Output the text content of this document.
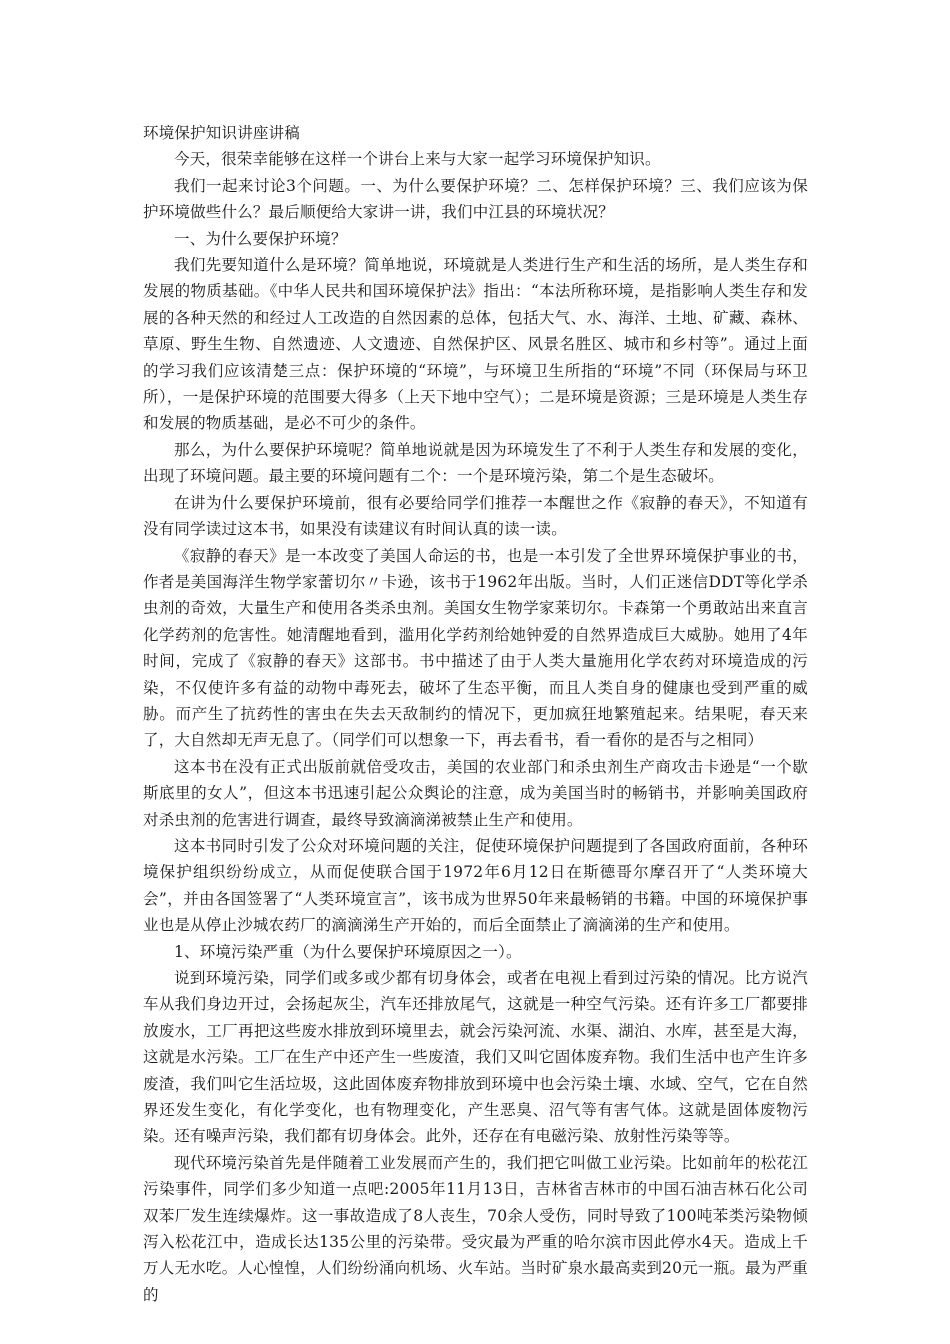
环境保护知识讲座讲稿

今天，很荣幸能够在这样一个讲台上来与大家一起学习环境保护知识。

我们一起来讨论3个问题。一、为什么要保护环境？二、怎样保护环境？三、我们应该为保护环境做些什么？最后顺便给大家讲一讲，我们中江县的环境状况？

一、为什么要保护环境？

我们先要知道什么是环境？简单地说，环境就是人类进行生产和生活的场所，是人类生存和发展的物质基础。《中华人民共和国环境保护法》指出：“本法所称环境，是指影响人类生存和发展的各种天然的和经过人工改造的自然因素的总体，包括大气、水、海洋、土地、矿藏、森林、草原、野生生物、自然遗迹、人文遗迹、自然保护区、风景名胜区、城市和乡村等”。通过上面的学习我们应该清楚三点：保护环境的“环境”，与环境卫生所指的“环境”不同（环保局与环卫所），一是保护环境的范围要大得多（上天下地中空气）；二是环境是资源；三是环境是人类生存和发展的物质基础，是必不可少的条件。

那么，为什么要保护环境呢？简单地说就是因为环境发生了不利于人类生存和发展的变化，出现了环境问题。最主要的环境问题有二个：一个是环境污染，第二个是生态破坏。

在讲为什么要保护环境前，很有必要给同学们推荐一本醒世之作《寂静的春天》，不知道有没有同学读过这本书，如果没有读建议有时间认真的读一读。

《寂静的春天》是一本改变了美国人命运的书，也是一本引发了全世界环境保护事业的书，作者是美国海洋生物学家蕾切尔〃卡逊，该书于1962年出版。当时，人们正迷信DDT等化学杀虫剂的奇效，大量生产和使用各类杀虫剂。美国女生物学家莱切尔。卡森第一个勇敢站出来直言化学药剂的危害性。她清醒地看到，滥用化学药剂给她钟爱的自然界造成巨大威胁。她用了4年时间，完成了《寂静的春天》这部书。书中描述了由于人类大量施用化学农药对环境造成的污染，不仅使许多有益的动物中毒死去，破坏了生态平衡，而且人类自身的健康也受到严重的威胁。而产生了抗药性的害虫在失去天敌制约的情况下，更加疯狂地繁殖起来。结果呢，春天来了，大自然却无声无息了。（同学们可以想象一下，再去看书，看一看你的是否与之相同）

这本书在没有正式出版前就倍受攻击，美国的农业部门和杀虫剂生产商攻击卡逊是“一个歇斯底里的女人”，但这本书迅速引起公众舆论的注意，成为美国当时的畅销书，并影响美国政府对杀虫剂的危害进行调查，最终导致滴滴涕被禁止生产和使用。

这本书同时引发了公众对环境问题的关注，促使环境保护问题提到了各国政府面前，各种环境保护组织纷纷成立，从而促使联合国于1972年6月12日在斯德哥尔摩召开了“人类环境大会”，并由各国签署了“人类环境宣言”，该书成为世界50年来最畅销的书籍。中国的环境保护事业也是从停止沙城农药厂的滴滴涕生产开始的，而后全面禁止了滴滴涕的生产和使用。

1、环境污染严重（为什么要保护环境原因之一）。

说到环境污染，同学们或多或少都有切身体会，或者在电视上看到过污染的情况。比方说汽车从我们身边开过，会扬起灰尘，汽车还排放尾气，这就是一种空气污染。还有许多工厂都要排放废水，工厂再把这些废水排放到环境里去，就会污染河流、水渠、湖泊、水库，甚至是大海，这就是水污染。工厂在生产中还产生一些废渣，我们又叫它固体废弃物。我们生活中也产生许多废渣，我们叫它生活垃圾，这此固体废弃物排放到环境中也会污染土壤、水域、空气，它在自然界还发生变化，有化学变化，也有物理变化，产生恶臭、沼气等有害气体。这就是固体废物污染。还有噪声污染，我们都有切身体会。此外，还存在有电磁污染、放射性污染等等。

现代环境污染首先是伴随着工业发展而产生的，我们把它叫做工业污染。比如前年的松花江污染事件，同学们多少知道一点吧:2005年11月13日，吉林省吉林市的中国石油吉林石化公司双苯厂发生连续爆炸。这一事故造成了8人丧生，70余人受伤，同时导致了100吨苯类污染物倾泻入松花江中，造成长达135公里的污染带。受灾最为严重的哈尔滨市因此停水4天。造成上千万人无水吃。人心惶惶，人们纷纷涌向机场、火车站。当时矿泉水最高卖到20元一瓶。最为严重的
